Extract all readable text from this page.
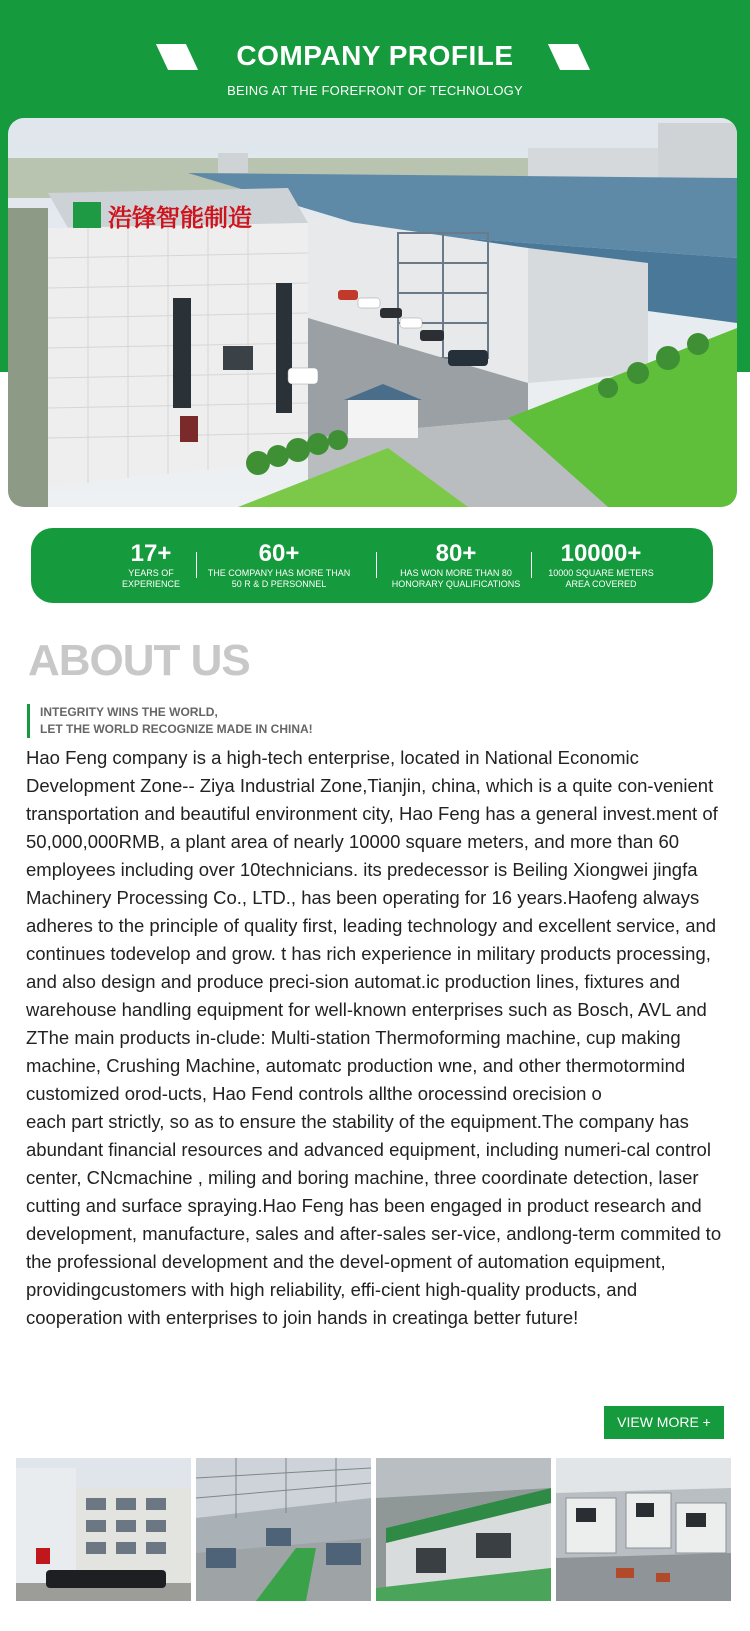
COMPANY PROFILE
BEING AT THE FOREFRONT OF TECHNOLOGY
浩锋智能制造
17+
YEARS OF
EXPERIENCE
60+
THE COMPANY HAS MORE THAN
50 R & D PERSONNEL
80+
HAS WON MORE THAN 80
HONORARY QUALIFICATIONS
10000+
10000 SQUARE METERS
AREA COVERED
ABOUT US
INTEGRITY WINS THE WORLD,
LET THE WORLD RECOGNIZE MADE IN CHINA!

Hao Feng company is a high-tech enterprise, located in National Economic Development Zone-- Ziya Industrial Zone,Tianjin, china, which is a quite con-venient transportation and beautiful environment city, Hao Feng has a general invest.ment of 50,000,000RMB, a plant area of nearly 10000 square meters, and more than 60 employees including over 10technicians. its predecessor is Beiling Xiongwei jingfa Machinery Processing Co., LTD., has been operating for 16 years.Haofeng always adheres to the principle of quality first, leading technology and excellent service, and continues todevelop and grow. t has rich experience in military products processing, and also design and produce preci-sion automat.ic production lines, fixtures and warehouse handling equipment for well-known enterprises such as Bosch, AVL and ZThe main products in-clude: Multi-station Thermoforming machine, cup making machine, Crushing Machine, automatc production wne, and other thermotormind customized orod-ucts, Hao Fend controls allthe orocessind orecision o

each part strictly, so as to ensure the stability of the equipment.The company has abundant financial resources and advanced equipment, including numeri-cal control center, CNcmachine , miling and boring machine, three coordinate detection, laser cutting and surface spraying.Hao Feng has been engaged in product research and development, manufacture, sales and after-sales ser-vice, andlong-term commited to the professional development and the devel-opment of automation equipment, providingcustomers with high reliability, effi-cient high-quality products, and cooperation with enterprises to join hands in creatinga better future!

VIEW MORE +
